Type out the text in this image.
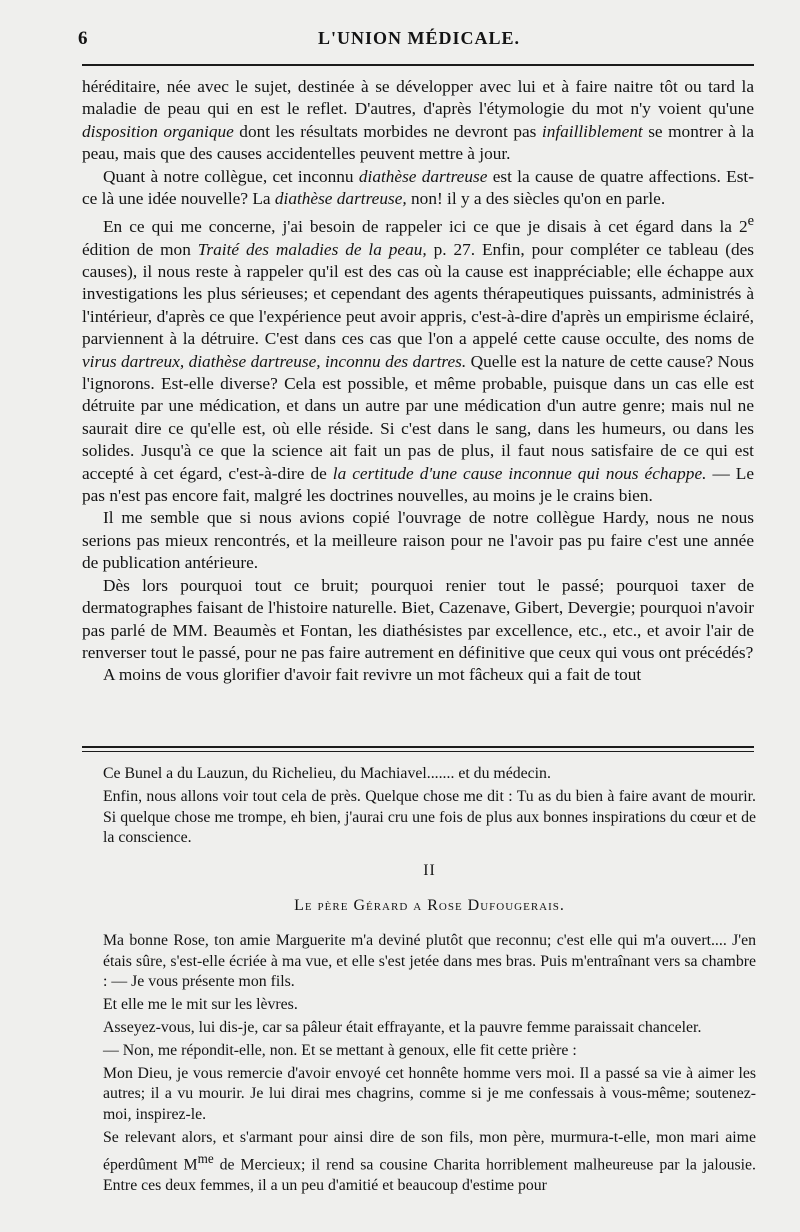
6	L'UNION MÉDICALE.

héréditaire, née avec le sujet, destinée à se développer avec lui et à faire naitre tôt ou tard la maladie de peau qui en est le reflet. D'autres, d'après l'étymologie du mot n'y voient qu'une disposition organique dont les résultats morbides ne devront pas infailliblement se montrer à la peau, mais que des causes accidentelles peuvent mettre à jour.

Quant à notre collègue, cet inconnu diathèse dartreuse est la cause de quatre affections. Est-ce là une idée nouvelle? La diathèse dartreuse, non! il y a des siècles qu'on en parle.

En ce qui me concerne, j'ai besoin de rappeler ici ce que je disais à cet égard dans la 2e édition de mon Traité des maladies de la peau, p. 27. Enfin, pour compléter ce tableau (des causes), il nous reste à rappeler qu'il est des cas où la cause est inappréciable; elle échappe aux investigations les plus sérieuses; et cependant des agents thérapeutiques puissants, administrés à l'intérieur, d'après ce que l'expérience peut avoir appris, c'est-à-dire d'après un empirisme éclairé, parviennent à la détruire. C'est dans ces cas que l'on a appelé cette cause occulte, des noms de virus dartreux, diathèse dartreuse, inconnu des dartres. Quelle est la nature de cette cause? Nous l'ignorons. Est-elle diverse? Cela est possible, et même probable, puisque dans un cas elle est détruite par une médication, et dans un autre par une médication d'un autre genre; mais nul ne saurait dire ce qu'elle est, où elle réside. Si c'est dans le sang, dans les humeurs, ou dans les solides. Jusqu'à ce que la science ait fait un pas de plus, il faut nous satisfaire de ce qui est accepté à cet égard, c'est-à-dire de la certitude d'une cause inconnue qui nous échappe. — Le pas n'est pas encore fait, malgré les doctrines nouvelles, au moins je le crains bien.

Il me semble que si nous avions copié l'ouvrage de notre collègue Hardy, nous ne nous serions pas mieux rencontrés, et la meilleure raison pour ne l'avoir pas pu faire c'est une année de publication antérieure.

Dès lors pourquoi tout ce bruit; pourquoi renier tout le passé; pourquoi taxer de dermatographes faisant de l'histoire naturelle. Biet, Cazenave, Gibert, Devergie; pourquoi n'avoir pas parlé de MM. Beaumès et Fontan, les diathésistes par excellence, etc., etc., et avoir l'air de renverser tout le passé, pour ne pas faire autrement en définitive que ceux qui vous ont précédés?

A moins de vous glorifier d'avoir fait revivre un mot fâcheux qui a fait de tout

Ce Bunel a du Lauzun, du Richelieu, du Machiavel....... et du médecin.

Enfin, nous allons voir tout cela de près. Quelque chose me dit : Tu as du bien à faire avant de mourir. Si quelque chose me trompe, eh bien, j'aurai cru une fois de plus aux bonnes inspirations du cœur et de la conscience.

II
Le père Gérard a Rose Dufougerais.

Ma bonne Rose, ton amie Marguerite m'a deviné plutôt que reconnu; c'est elle qui m'a ouvert.... J'en étais sûre, s'est-elle écriée à ma vue, et elle s'est jetée dans mes bras. Puis m'entraînant vers sa chambre : — Je vous présente mon fils.

Et elle me le mit sur les lèvres.

Asseyez-vous, lui dis-je, car sa pâleur était effrayante, et la pauvre femme paraissait chanceler.

— Non, me répondit-elle, non. Et se mettant à genoux, elle fit cette prière :

Mon Dieu, je vous remercie d'avoir envoyé cet honnête homme vers moi. Il a passé sa vie à aimer les autres; il a vu mourir. Je lui dirai mes chagrins, comme si je me confessais à vous-même; soutenez-moi, inspirez-le.

Se relevant alors, et s'armant pour ainsi dire de son fils, mon père, murmura-t-elle, mon mari aime éperdûment $M^{me}$ de Mercieux; il rend sa cousine Charita horriblement malheureuse par la jalousie. Entre ces deux femmes, il a un peu d'amitié et beaucoup d'estime pour
